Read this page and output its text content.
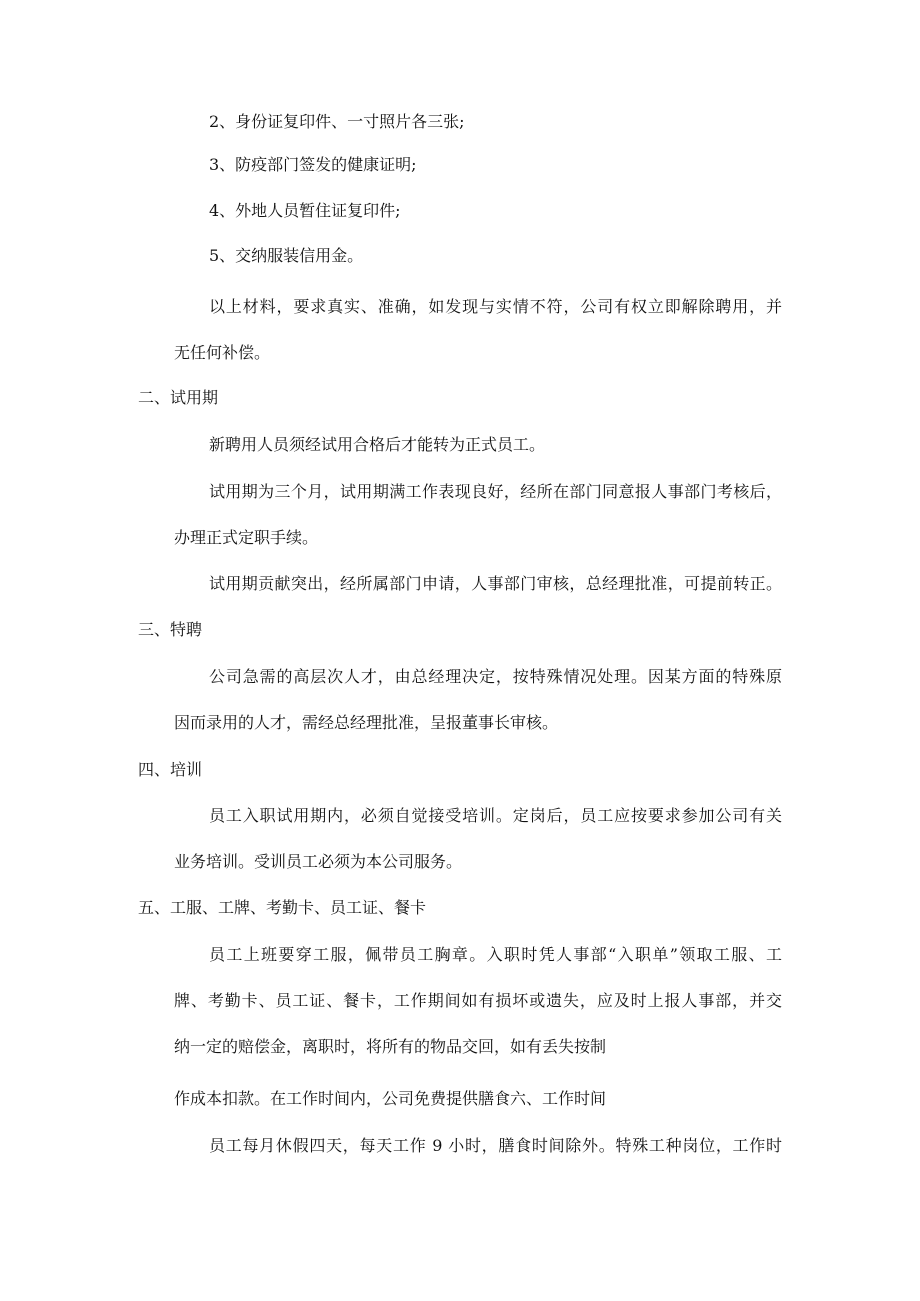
2、身份证复印件、一寸照片各三张;
3、防疫部门签发的健康证明;
4、外地人员暂住证复印件;
5、交纳服装信用金。
以上材料，要求真实、准确，如发现与实情不符，公司有权立即解除聘用，并
无任何补偿。
二、试用期
新聘用人员须经试用合格后才能转为正式员工。
试用期为三个月，试用期满工作表现良好，经所在部门同意报人事部门考核后，
办理正式定职手续。
试用期贡献突出，经所属部门申请，人事部门审核，总经理批准，可提前转正。
三、特聘
公司急需的高层次人才，由总经理决定，按特殊情况处理。因某方面的特殊原
因而录用的人才，需经总经理批准，呈报董事长审核。
四、培训
员工入职试用期内，必须自觉接受培训。定岗后，员工应按要求参加公司有关
业务培训。受训员工必须为本公司服务。
五、工服、工牌、考勤卡、员工证、餐卡
员工上班要穿工服，佩带员工胸章。入职时凭人事部“入职单”领取工服、工
牌、考勤卡、员工证、餐卡，工作期间如有损坏或遗失，应及时上报人事部，并交
纳一定的赔偿金，离职时，将所有的物品交回，如有丢失按制
作成本扣款。在工作时间内，公司免费提供膳食六、工作时间
员工每月休假四天，每天工作 9 小时，膳食时间除外。特殊工种岗位，工作时
